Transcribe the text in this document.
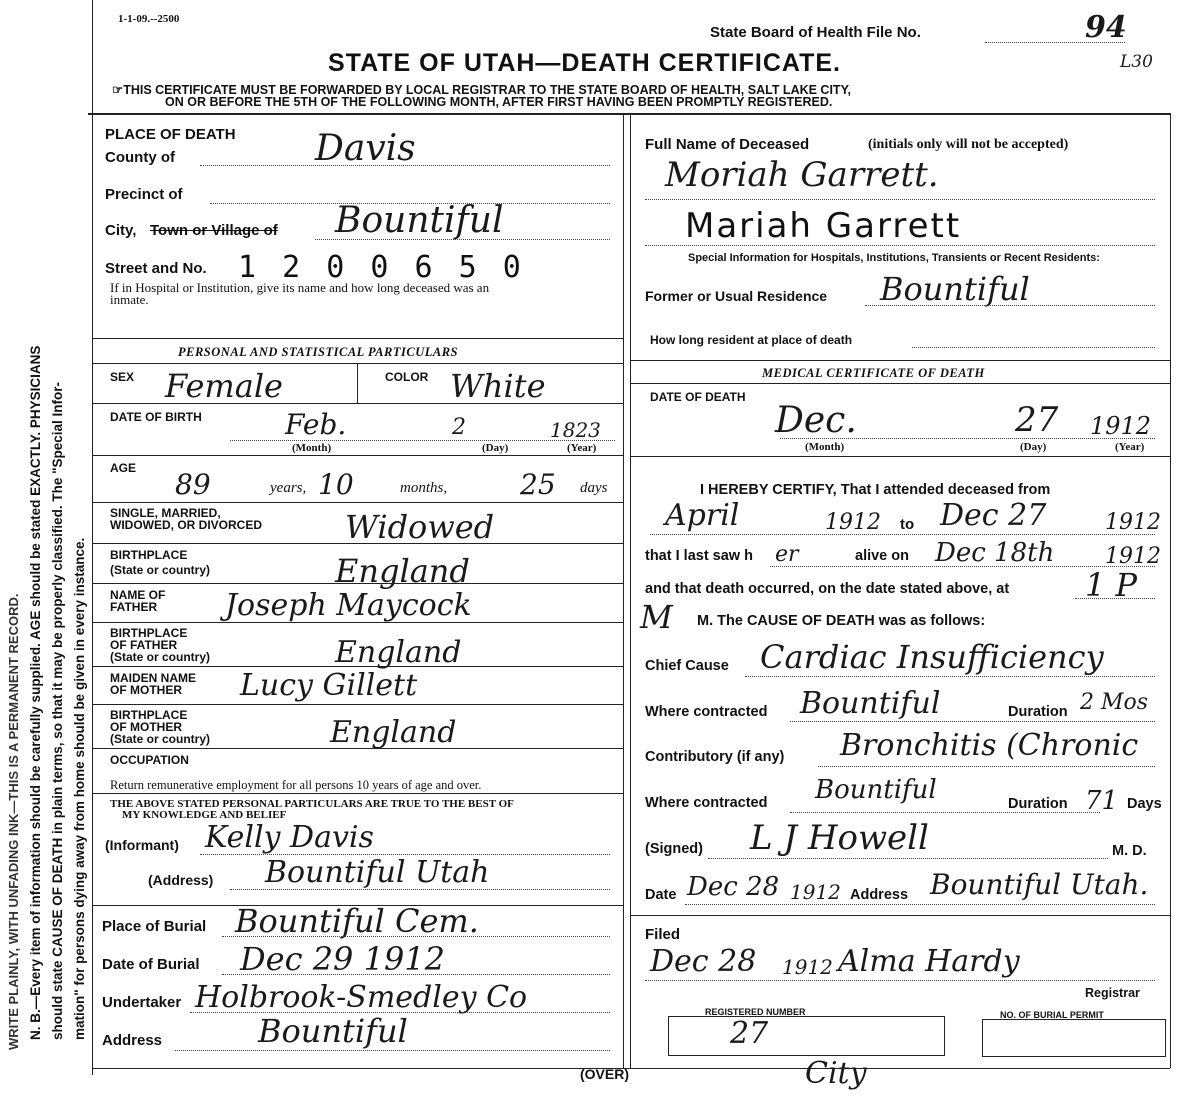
WRITE PLAINLY, WITH UNFADING INK—THIS IS A PERMANENT RECORD. N. B.—Every item of information should be carefully supplied. AGE should be stated EXACTLY. PHYSICIANS should state CAUSE OF DEATH in plain terms, so that it may be properly classified. The "Special Infor- mation" for persons dying away from home should be given in every instance.
1-1-09.--2500
State Board of Health File No.	94
L30
STATE OF UTAH—DEATH CERTIFICATE.
☞THIS CERTIFICATE MUST BE FORWARDED BY LOCAL REGISTRAR TO THE STATE BOARD OF HEALTH, SALT LAKE CITY,
ON OR BEFORE THE 5TH OF THE FOLLOWING MONTH, AFTER FIRST HAVING BEEN PROMPTLY REGISTERED.
PLACE OF DEATH
County of	Davis
Precinct of
City, Town or Village of Bountiful
Street and No. 1 2 0 0 6 5 0
If in Hospital or Institution, give its name and how long deceased was an
inmate.
PERSONAL AND STATISTICAL PARTICULARS
SEX Female	COLOR White
DATE OF BIRTH	Feb.	2	1823
(Month)	(Day)	(Year)
AGE 89	years, 10	months,	25 days
SINGLE, MARRIED,
WIDOWED, OR DIVORCED	Widowed
BIRTHPLACE
(State or country)	England
NAME OF
FATHER Joseph Maycock
BIRTHPLACE
OF FATHER
(State or country)	England
MAIDEN NAME
OF MOTHER Lucy Gillett
BIRTHPLACE
OF MOTHER
(State or country)	England
OCCUPATION
Return remunerative employment for all persons 10 years of age and over.
THE ABOVE STATED PERSONAL PARTICULARS ARE TRUE TO THE BEST OF
MY KNOWLEDGE AND BELIEF
(Informant) Kelly Davis
(Address) Bountiful Utah
Place of Burial Bountiful Cem.
Date of Burial Dec 29 1912
Undertaker Holbrook-Smedley Co
Address	Bountiful
Full Name of Deceased	(initials only will not be accepted)
Moriah Garrett.
Mariah Garrett
Special Information for Hospitals, Institutions, Transients or Recent Residents:
Former or Usual Residence Bountiful
How long resident at place of death
MEDICAL CERTIFICATE OF DEATH
DATE OF DEATH
Dec.	27 1912
(Month)	(Day)	(Year)
I HEREBY CERTIFY, That I attended deceased from
April	1912 to Dec 27	1912
that I last saw h er	alive on Dec 18th 1912
and that death occurred, on the date stated above, at 1 P
M M. The CAUSE OF DEATH was as follows:
Chief Cause Cardiac Insufficiency
Where contracted Bountiful	Duration 2 Mos
Contributory (if any) Bronchitis (Chronic
Where contracted Bountiful	Duration 71 Days
(Signed) L J Howell	M. D.
Date Dec 28 1912 Address Bountiful Utah.
Filed
Dec 28 1912 Alma Hardy
Registrar
REGISTERED NUMBER
27
NO. OF BURIAL PERMIT
(OVER)	City
